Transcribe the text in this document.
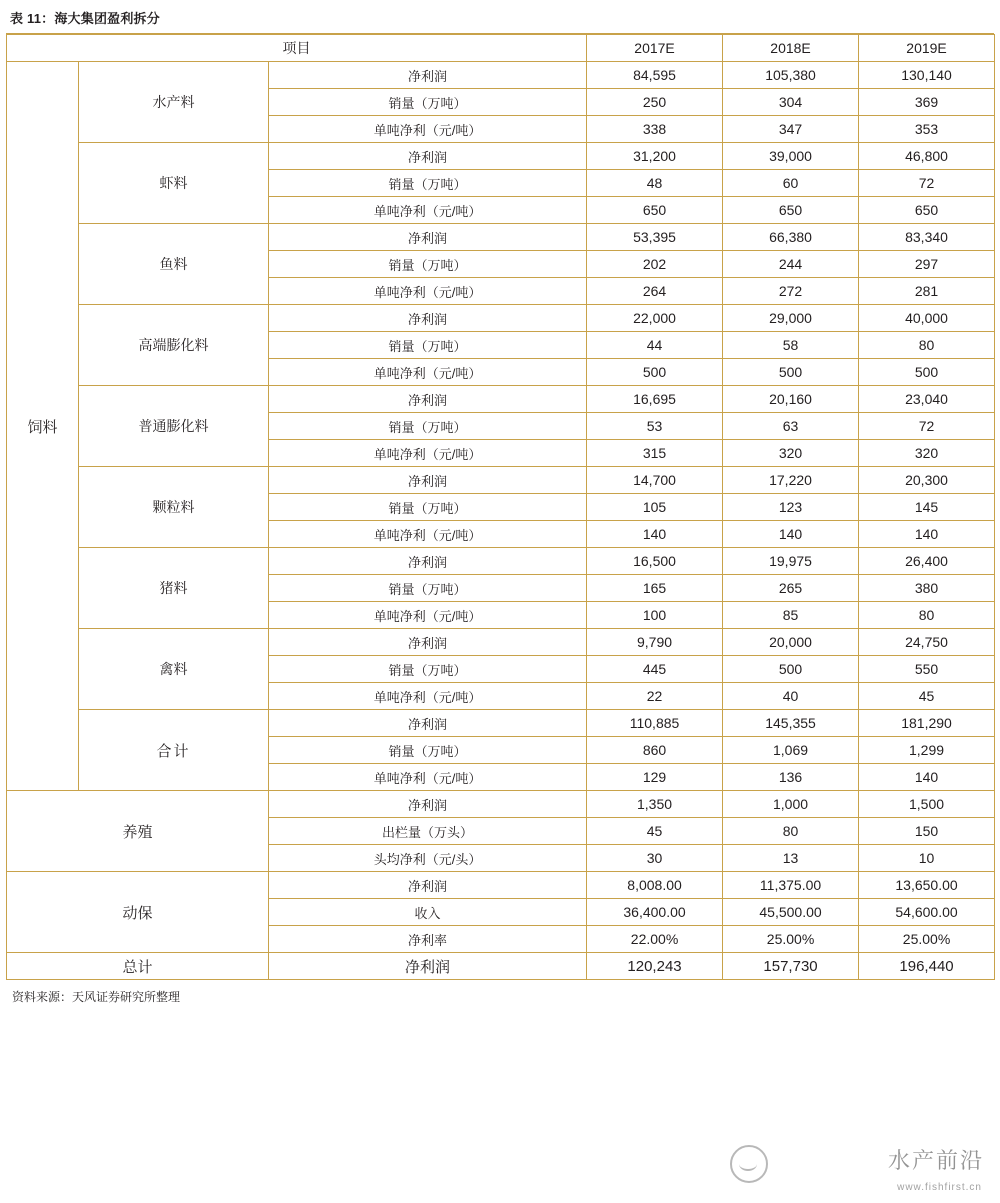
表 11：海大集团盈利拆分
项目			2017E	2018E	2019E
饲料	水产料	净利润	84,595	105,380	130,140
		销量（万吨）	250	304	369
		单吨净利（元/吨）	338	347	353
	虾料	净利润	31,200	39,000	46,800
		销量（万吨）	48	60	72
		单吨净利（元/吨）	650	650	650
	鱼料	净利润	53,395	66,380	83,340
		销量（万吨）	202	244	297
		单吨净利（元/吨）	264	272	281
	高端膨化料	净利润	22,000	29,000	40,000
		销量（万吨）	44	58	80
		单吨净利（元/吨）	500	500	500
	普通膨化料	净利润	16,695	20,160	23,040
		销量（万吨）	53	63	72
		单吨净利（元/吨）	315	320	320
	颗粒料	净利润	14,700	17,220	20,300
		销量（万吨）	105	123	145
		单吨净利（元/吨）	140	140	140
	猪料	净利润	16,500	19,975	26,400
		销量（万吨）	165	265	380
		单吨净利（元/吨）	100	85	80
	禽料	净利润	9,790	20,000	24,750
		销量（万吨）	445	500	550
		单吨净利（元/吨）	22	40	45
	合计	净利润	110,885	145,355	181,290
		销量（万吨）	860	1,069	1,299
		单吨净利（元/吨）	129	136	140
养殖		净利润	1,350	1,000	1,500
		出栏量（万头）	45	80	150
		头均净利（元/头）	30	13	10
动保		净利润	8,008.00	11,375.00	13,650.00
		收入	36,400.00	45,500.00	54,600.00
		净利率	22.00%	25.00%	25.00%
总计		净利润	120,243	157,730	196,440
资料来源：天风证券研究所整理
水产前沿
www.fishfirst.cn
